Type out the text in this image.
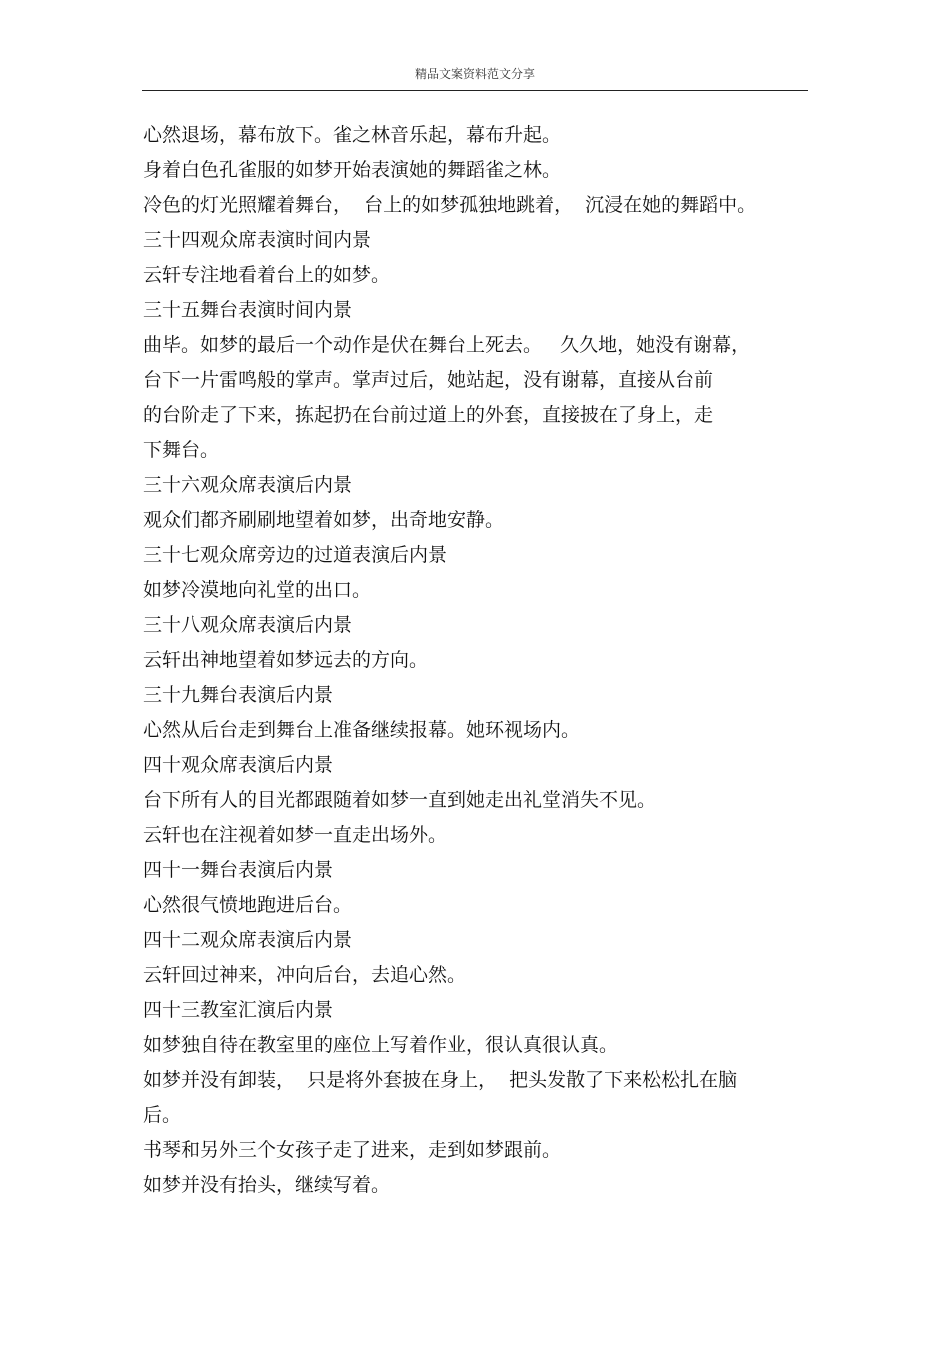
精品文案资料范文分享
心然退场，幕布放下。雀之林音乐起，幕布升起。
身着白色孔雀服的如梦开始表演她的舞蹈雀之林。
冷色的灯光照耀着舞台，  台上的如梦孤独地跳着，  沉浸在她的舞蹈中。
三十四观众席表演时间内景
云轩专注地看着台上的如梦。
三十五舞台表演时间内景
曲毕。如梦的最后一个动作是伏在舞台上死去。   久久地，她没有谢幕，
台下一片雷鸣般的掌声。掌声过后，她站起，没有谢幕，直接从台前
的台阶走了下来，拣起扔在台前过道上的外套，直接披在了身上，走
下舞台。
三十六观众席表演后内景
观众们都齐刷刷地望着如梦，出奇地安静。
三十七观众席旁边的过道表演后内景
如梦冷漠地向礼堂的出口。
三十八观众席表演后内景
云轩出神地望着如梦远去的方向。
三十九舞台表演后内景
心然从后台走到舞台上准备继续报幕。她环视场内。
四十观众席表演后内景
台下所有人的目光都跟随着如梦一直到她走出礼堂消失不见。
云轩也在注视着如梦一直走出场外。
四十一舞台表演后内景
心然很气愤地跑进后台。
四十二观众席表演后内景
云轩回过神来，冲向后台，去追心然。
四十三教室汇演后内景
如梦独自待在教室里的座位上写着作业，很认真很认真。
如梦并没有卸装，  只是将外套披在身上，  把头发散了下来松松扎在脑
后。
书琴和另外三个女孩子走了进来，走到如梦跟前。
如梦并没有抬头，继续写着。
